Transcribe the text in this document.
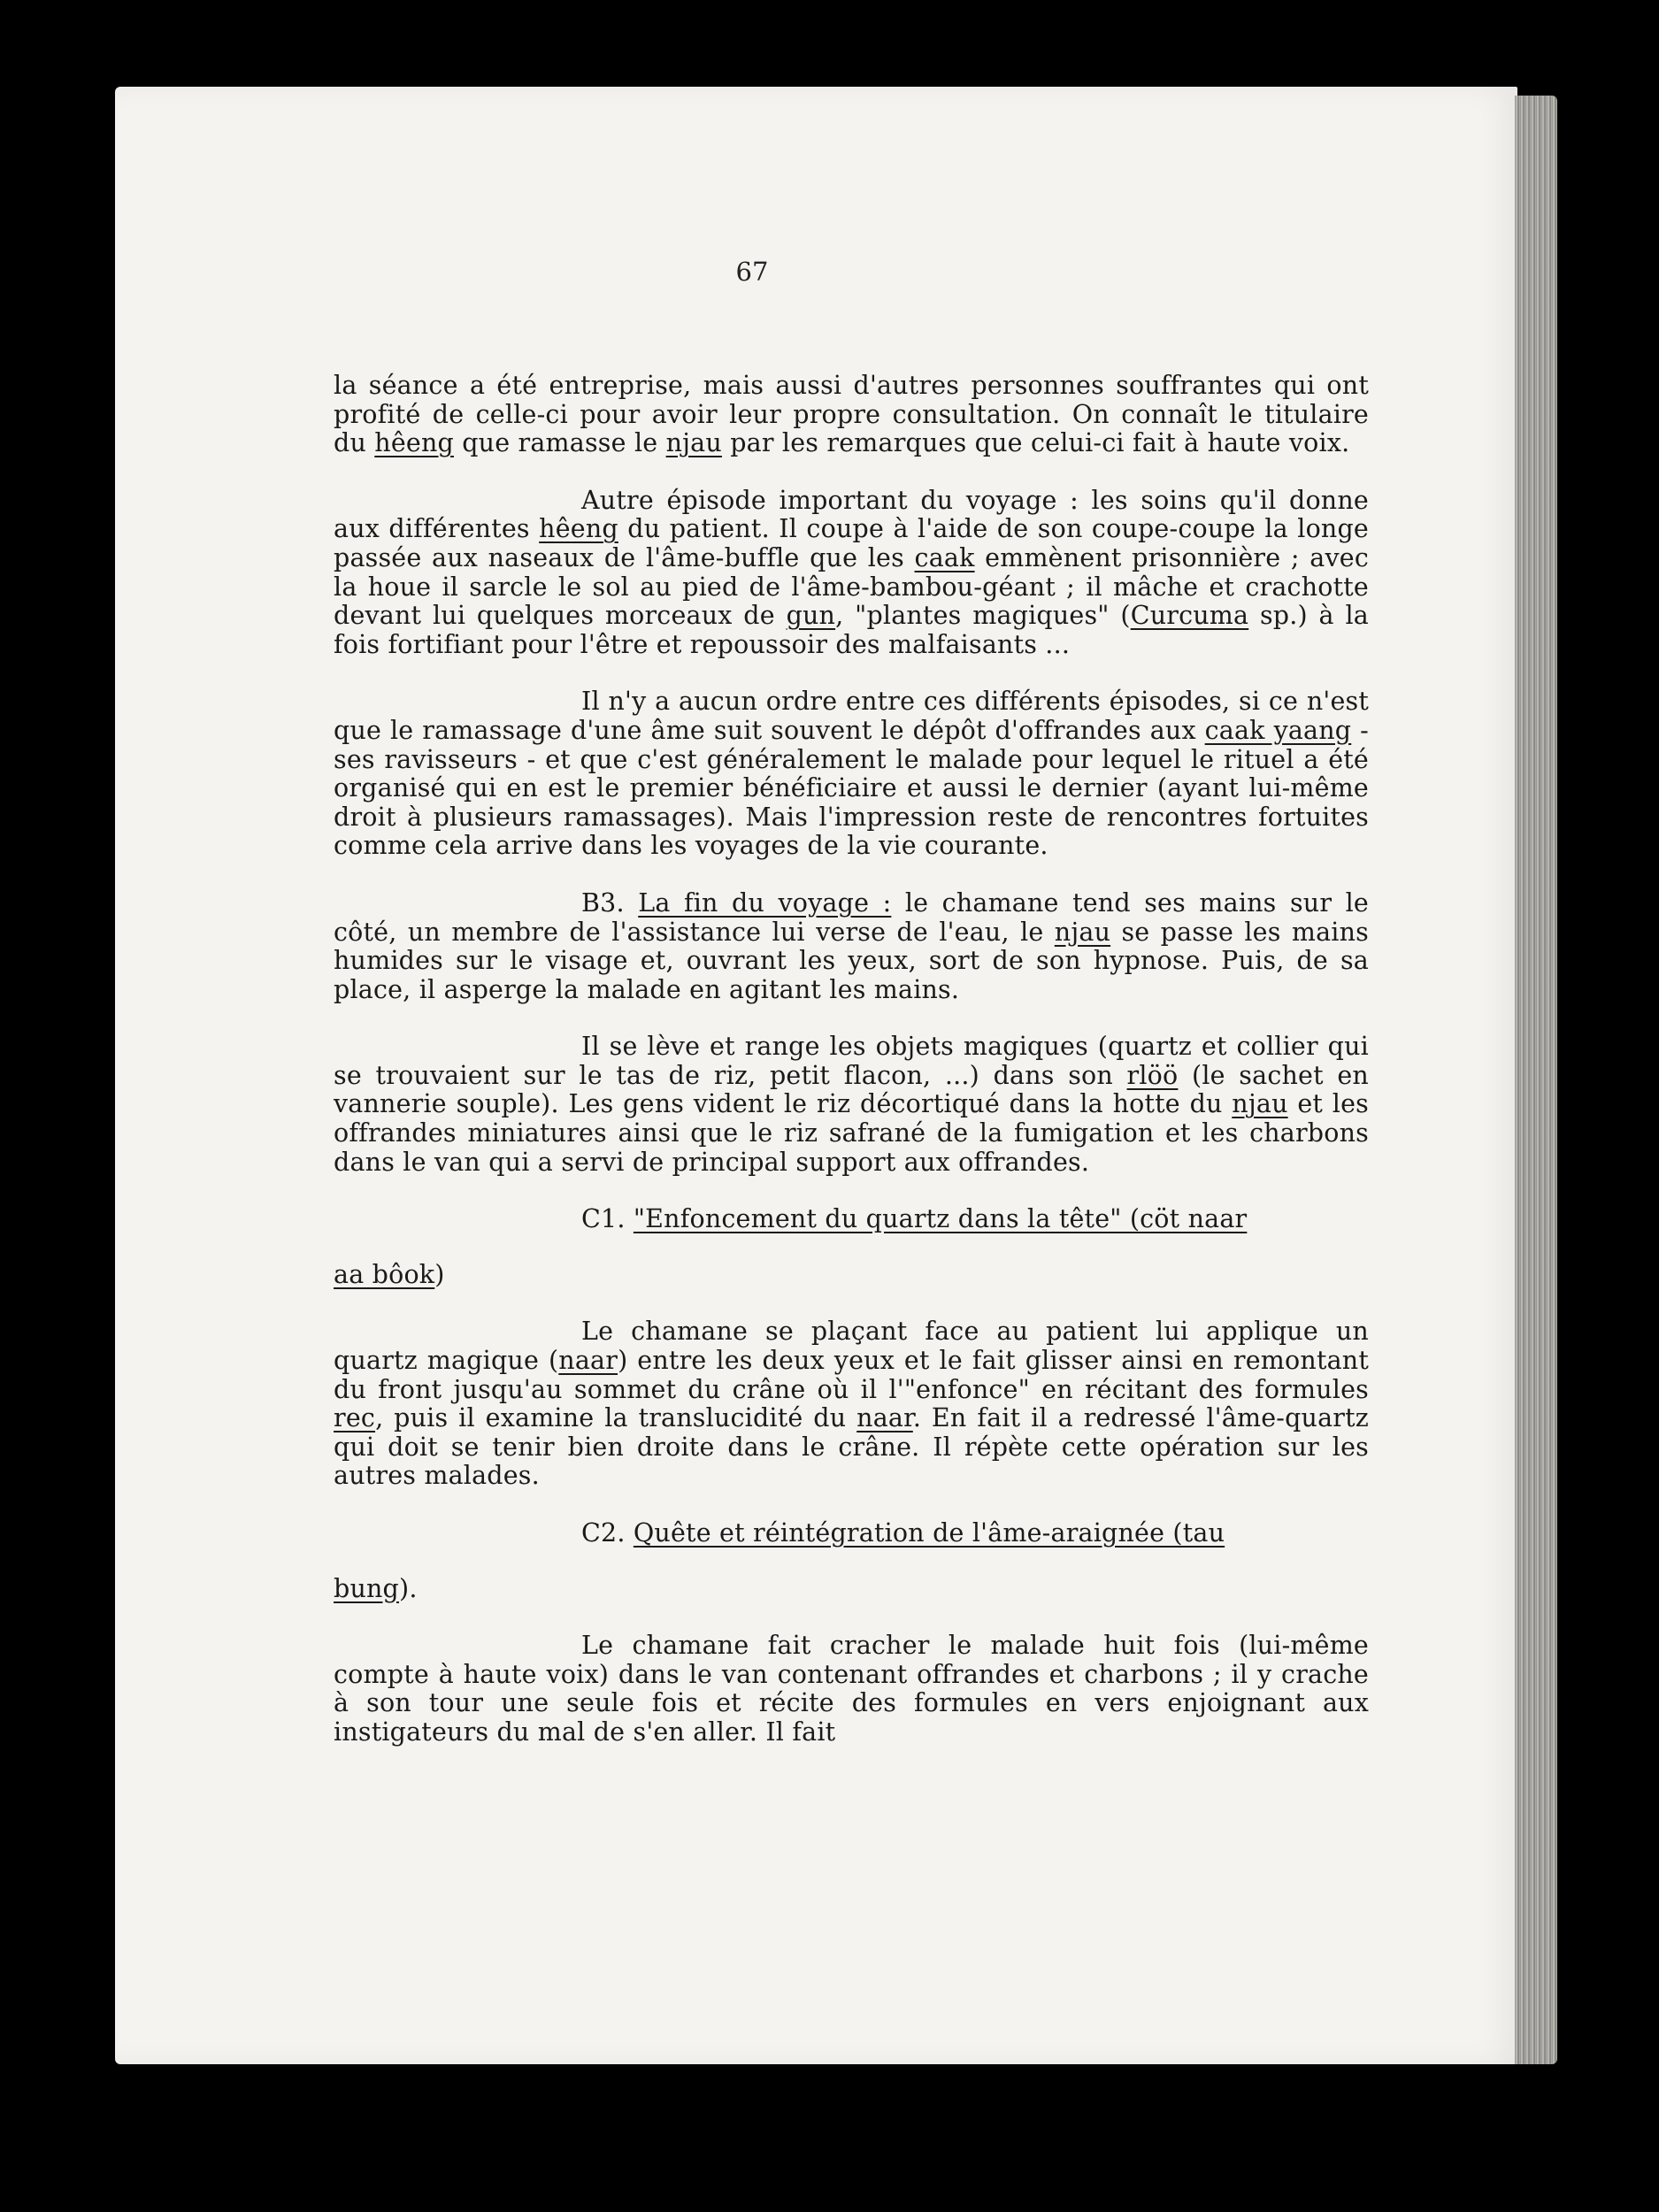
67

la séance a été entreprise, mais aussi d'autres personnes souffrantes qui ont profité de celle-ci pour avoir leur propre consultation. On connaît le titulaire du hêeng que ramasse le njau par les remarques que celui-ci fait à haute voix.

Autre épisode important du voyage : les soins qu'il donne aux différentes hêeng du patient. Il coupe à l'aide de son coupe-coupe la longe passée aux naseaux de l'âme-buffle que les caak emmènent prisonnière ; avec la houe il sarcle le sol au pied de l'âme-bambou-géant ; il mâche et crachotte devant lui quelques morceaux de gun, "plantes magiques" (Curcuma sp.) à la fois fortifiant pour l'être et repoussoir des malfaisants ...

Il n'y a aucun ordre entre ces différents épisodes, si ce n'est que le ramassage d'une âme suit souvent le dépôt d'offrandes aux caak yaang - ses ravisseurs - et que c'est généralement le malade pour lequel le rituel a été organisé qui en est le premier bénéficiaire et aussi le dernier (ayant lui-même droit à plusieurs ramassages). Mais l'impression reste de rencontres fortuites comme cela arrive dans les voyages de la vie courante.

B3. La fin du voyage : le chamane tend ses mains sur le côté, un membre de l'assistance lui verse de l'eau, le njau se passe les mains humides sur le visage et, ouvrant les yeux, sort de son hypnose. Puis, de sa place, il asperge la malade en agitant les mains.

Il se lève et range les objets magiques (quartz et collier qui se trouvaient sur le tas de riz, petit flacon, ...) dans son rlöö (le sachet en vannerie souple). Les gens vident le riz décortiqué dans la hotte du njau et les offrandes miniatures ainsi que le riz safrané de la fumigation et les charbons dans le van qui a servi de principal support aux offrandes.

C1. "Enfoncement du quartz dans la tête" (cöt naar

aa bôok)

Le chamane se plaçant face au patient lui applique un quartz magique (naar) entre les deux yeux et le fait glisser ainsi en remontant du front jusqu'au sommet du crâne où il l'"enfonce" en récitant des formules rec, puis il examine la translucidité du naar. En fait il a redressé l'âme-quartz qui doit se tenir bien droite dans le crâne. Il répète cette opération sur les autres malades.

C2. Quête et réintégration de l'âme-araignée (tau

bung).

Le chamane fait cracher le malade huit fois (lui-même compte à haute voix) dans le van contenant offrandes et charbons ; il y crache à son tour une seule fois et récite des formules en vers enjoignant aux instigateurs du mal de s'en aller. Il fait
